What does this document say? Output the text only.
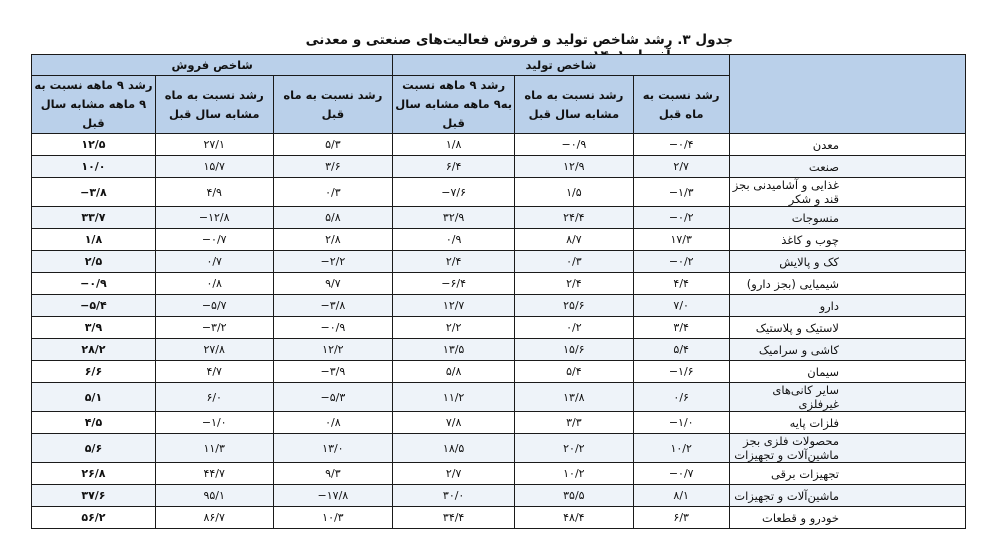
جدول ۳. رشد شاخص تولید و فروش فعالیت‌های صنعتی و معدنی
	شاخص تولید			شاخص فروش		
	رشد نسبت به ماه قبل	رشد نسبت به ماه مشابه سال قبل	رشد ۹ ماهه نسبت به۹ ماهه مشابه سال قبل	رشد نسبت به ماه قبل	رشد نسبت به ماه مشابه سال قبل	رشد ۹ ماهه نسبت به ۹ ماهه مشابه سال قبل
معدن	−۰/۴	−۰/۹	۱/۸	۵/۳	۲۷/۱	۱۲/۵
صنعت	۲/۷	۱۲/۹	۶/۴	۳/۶	۱۵/۷	۱۰/۰
غذایی و آشامیدنی بجز قند و شکر	−۱/۳	۱/۵	−۷/۶	۰/۳	۴/۹	−۳/۸
منسوجات	−۰/۲	۲۴/۴	۳۲/۹	۵/۸	−۱۲/۸	۳۳/۷
چوب و کاغذ	۱۷/۳	۸/۷	۰/۹	۲/۸	−۰/۷	۱/۸
کک و پالایش	−۰/۲	۰/۳	۲/۴	−۲/۲	۰/۷	۲/۵
شیمیایی (بجز دارو)	۴/۴	۲/۴	−۶/۴	۹/۷	۰/۸	−۰/۹
دارو	۷/۰	۲۵/۶	۱۲/۷	−۳/۸	−۵/۷	−۵/۴
لاستیک و پلاستیک	۳/۴	۰/۲	۲/۲	−۰/۹	−۳/۲	۳/۹
کاشی و سرامیک	۵/۴	۱۵/۶	۱۳/۵	۱۲/۲	۲۷/۸	۲۸/۲
سیمان	−۱/۶	۵/۴	۵/۸	−۳/۹	۴/۷	۶/۶
سایر کانی‌های غیرفلزی	۰/۶	۱۳/۸	۱۱/۲	−۵/۳	۶/۰	۵/۱
فلزات پایه	−۱/۰	۳/۳	۷/۸	۰/۸	−۱/۰	۴/۵
محصولات فلزی بجز ماشین‌آلات و تجهیزات	۱۰/۲	۲۰/۲	۱۸/۵	۱۳/۰	۱۱/۳	۵/۶
تجهیزات برقی	−۰/۷	۱۰/۲	۲/۷	۹/۳	۴۴/۷	۲۶/۸
ماشین‌آلات و تجهیزات	۸/۱	۳۵/۵	۳۰/۰	−۱۷/۸	۹۵/۱	۳۷/۶
خودرو و قطعات	۶/۳	۴۸/۴	۳۴/۴	۱۰/۳	۸۶/۷	۵۶/۲
